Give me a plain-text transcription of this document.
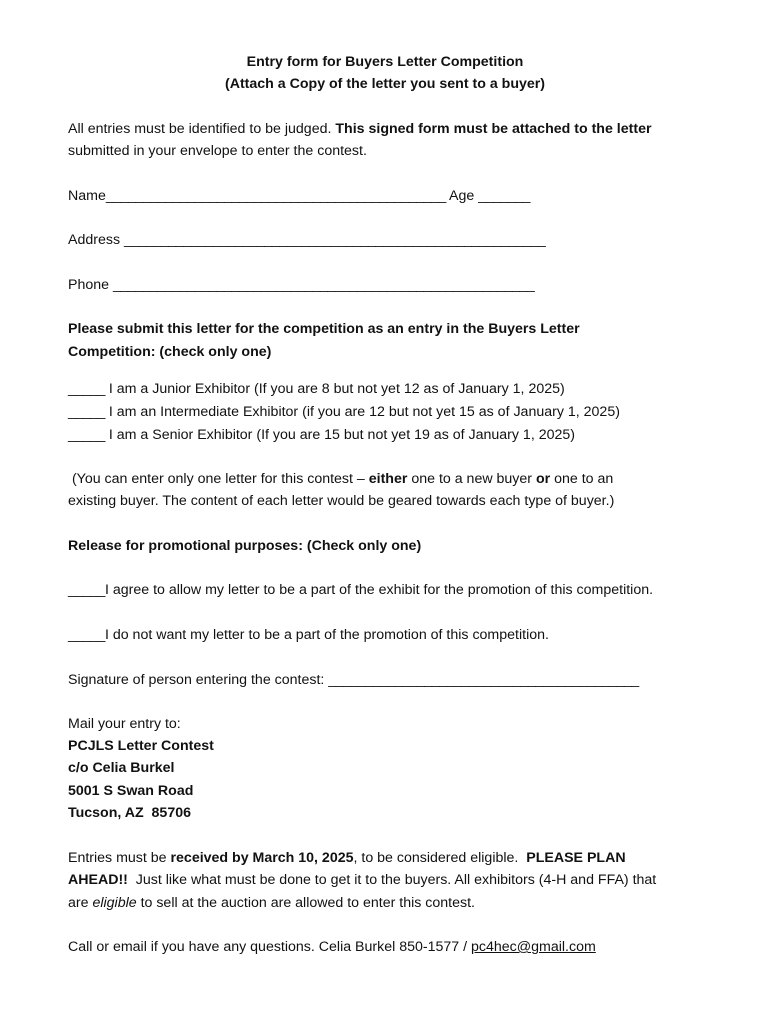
Entry form for Buyers Letter Competition
(Attach a Copy of the letter you sent to a buyer)
All entries must be identified to be judged. This signed form must be attached to the letter
submitted in your envelope to enter the contest.
Name______________________________________________ Age _______
Address _________________________________________________________
Phone _________________________________________________________
Please submit this letter for the competition as an entry in the Buyers Letter
Competition: (check only one)
_____ I am a Junior Exhibitor (If you are 8 but not yet 12 as of January 1, 2025)
_____ I am an Intermediate Exhibitor (if you are 12 but not yet 15 as of January 1, 2025)
_____ I am a Senior Exhibitor (If you are 15 but not yet 19 as of January 1, 2025)
(You can enter only one letter for this contest – either one to a new buyer or one to an
existing buyer. The content of each letter would be geared towards each type of buyer.)
Release for promotional purposes: (Check only one)
_____I agree to allow my letter to be a part of the exhibit for the promotion of this competition.
_____I do not want my letter to be a part of the promotion of this competition.
Signature of person entering the contest: __________________________________________
Mail your entry to:
PCJLS Letter Contest
c/o Celia Burkel
5001 S Swan Road
Tucson, AZ  85706
Entries must be received by March 10, 2025, to be considered eligible.  PLEASE PLAN
AHEAD!!  Just like what must be done to get it to the buyers. All exhibitors (4-H and FFA) that
are eligible to sell at the auction are allowed to enter this contest.
Call or email if you have any questions. Celia Burkel 850-1577 / pc4hec@gmail.com
